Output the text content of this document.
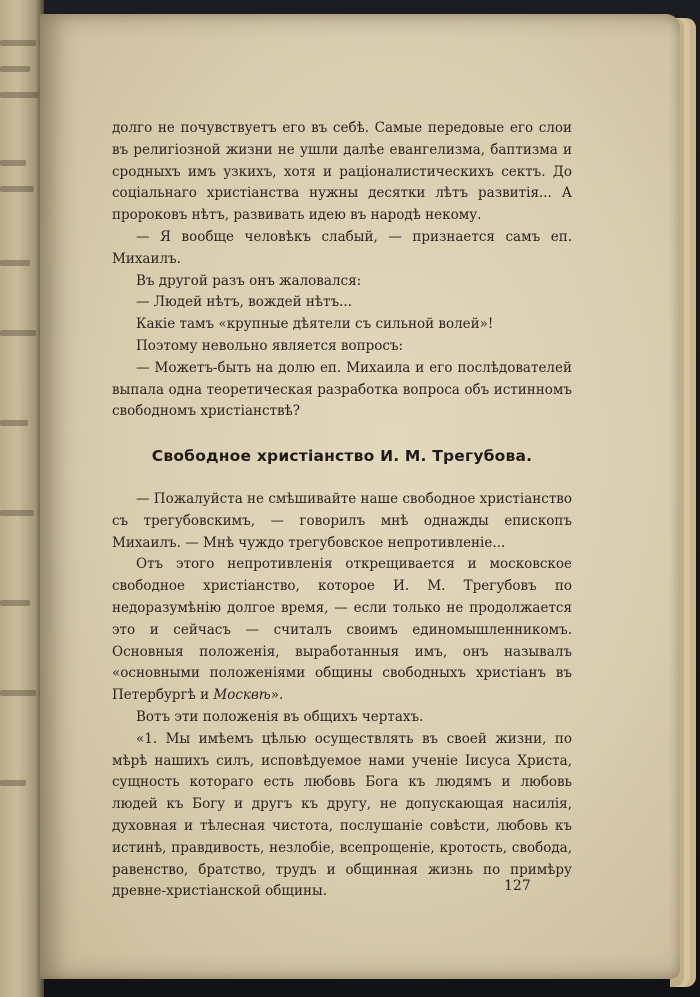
долго не почувствуетъ его въ себѣ. Самые передовые его слои въ религіозной жизни не ушли далѣе евангелизма, баптизма и сродныхъ имъ узкихъ, хотя и раціоналистическихъ сектъ. До соціальнаго христіанства нужны десятки лѣтъ развитія... А пророковъ нѣтъ, развивать идею въ народѣ некому.

— Я вообще человѣкъ слабый, — признается самъ еп. Михаилъ.

Въ другой разъ онъ жаловался:

— Людей нѣтъ, вождей нѣтъ...

Какіе тамъ «крупные дѣятели съ сильной волей»!

Поэтому невольно является вопросъ:

— Можетъ-быть на долю еп. Михаила и его послѣдователей выпала одна теоретическая разработка вопроса объ истинномъ свободномъ христіанствѣ?

Свободное христіанство И. М. Трегубова.

— Пожалуйста не смѣшивайте наше свободное христіанство съ трегубовскимъ, — говорилъ мнѣ однажды епископъ Михаилъ. — Мнѣ чуждо трегубовское непротивленіе...

Отъ этого непротивленія открещивается и московское свободное христіанство, которое И. М. Трегубовъ по недоразумѣнію долгое время, — если только не продолжается это и сейчасъ — считалъ своимъ единомышленникомъ. Основныя положенія, выработанныя имъ, онъ называлъ «основными положеніями общины свободныхъ христіанъ въ Петербургѣ и Москвѣ».

Вотъ эти положенія въ общихъ чертахъ.

«1. Мы имѣемъ цѣлью осуществлять въ своей жизни, по мѣрѣ нашихъ силъ, исповѣдуемое нами ученіе Іисуса Христа, сущность котораго есть любовь Бога къ людямъ и любовь людей къ Богу и другъ къ другу, не допускающая насилія, духовная и тѣлесная чистота, послушаніе совѣсти, любовь къ истинѣ, правдивость, незлобіе, всепрощеніе, кротость, свобода, равенство, братство, трудъ и общинная жизнь по примѣру древне-христіанской общины.	127
